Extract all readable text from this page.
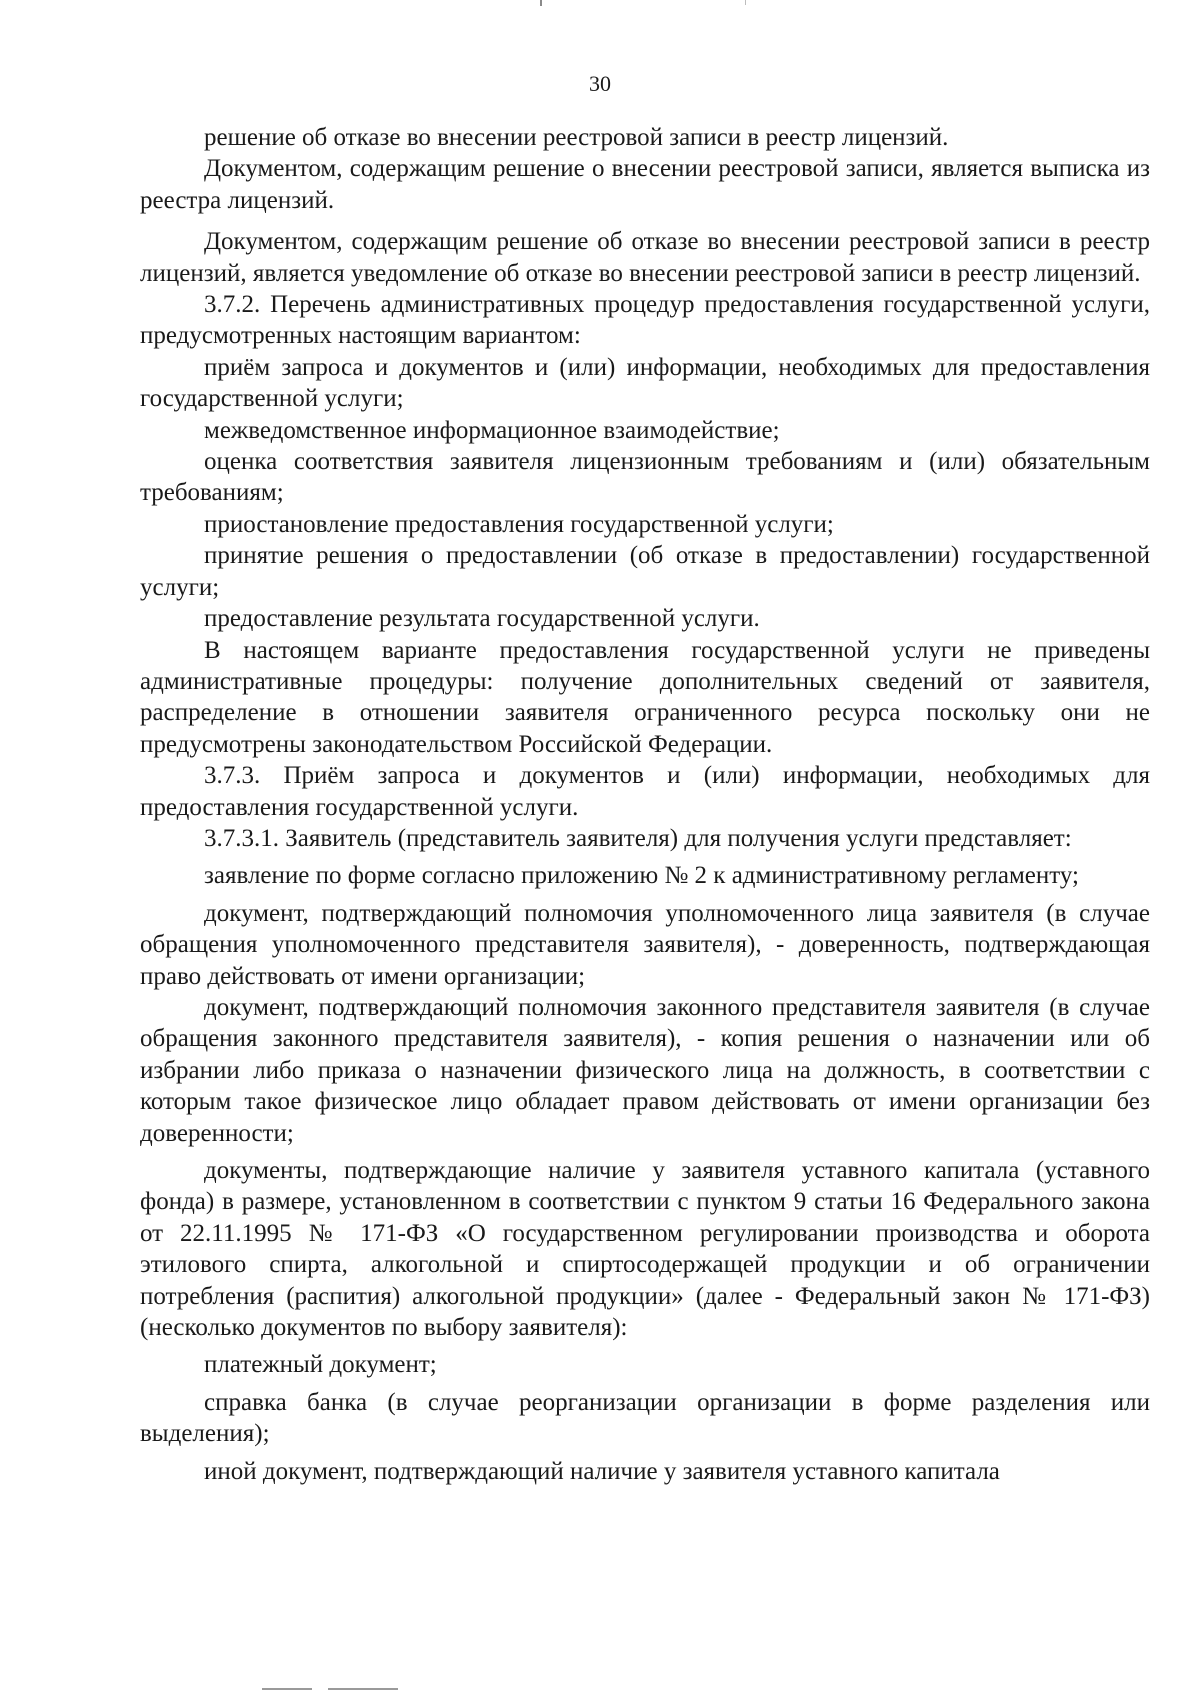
30

решение об отказе во внесении реестровой записи в реестр лицензий.

Документом, содержащим решение о внесении реестровой записи, является выписка из реестра лицензий.

Документом, содержащим решение об отказе во внесении реестровой записи в реестр лицензий, является уведомление об отказе во внесении реестровой записи в реестр лицензий.

3.7.2. Перечень административных процедур предоставления государственной услуги, предусмотренных настоящим вариантом:

приём запроса и документов и (или) информации, необходимых для предоставления государственной услуги;

межведомственное информационное взаимодействие;

оценка соответствия заявителя лицензионным требованиям и (или) обязательным требованиям;

приостановление предоставления государственной услуги;

принятие решения о предоставлении (об отказе в предоставлении) государственной услуги;

предоставление результата государственной услуги.

В настоящем варианте предоставления государственной услуги не приведены административные процедуры: получение дополнительных сведений от заявителя, распределение в отношении заявителя ограниченного ресурса поскольку они не предусмотрены законодательством Российской Федерации.

3.7.3. Приём запроса и документов и (или) информации, необходимых для предоставления государственной услуги.

3.7.3.1. Заявитель (представитель заявителя) для получения услуги представляет:

заявление по форме согласно приложению № 2 к административному регламенту;

документ, подтверждающий полномочия уполномоченного лица заявителя (в случае обращения уполномоченного представителя заявителя), - доверенность, подтверждающая право действовать от имени организации;

документ, подтверждающий полномочия законного представителя заявителя (в случае обращения законного представителя заявителя), - копия решения о назначении или об избрании либо приказа о назначении физического лица на должность, в соответствии с которым такое физическое лицо обладает правом действовать от имени организации без доверенности;

документы, подтверждающие наличие у заявителя уставного капитала (уставного фонда) в размере, установленном в соответствии с пунктом 9 статьи 16 Федерального закона от 22.11.1995 № 171-ФЗ «О государственном регулировании производства и оборота этилового спирта, алкогольной и спиртосодержащей продукции и об ограничении потребления (распития) алкогольной продукции» (далее - Федеральный закон № 171-ФЗ) (несколько документов по выбору заявителя):

платежный документ;

справка банка (в случае реорганизации организации в форме разделения или выделения);

иной документ, подтверждающий наличие у заявителя уставного капитала
